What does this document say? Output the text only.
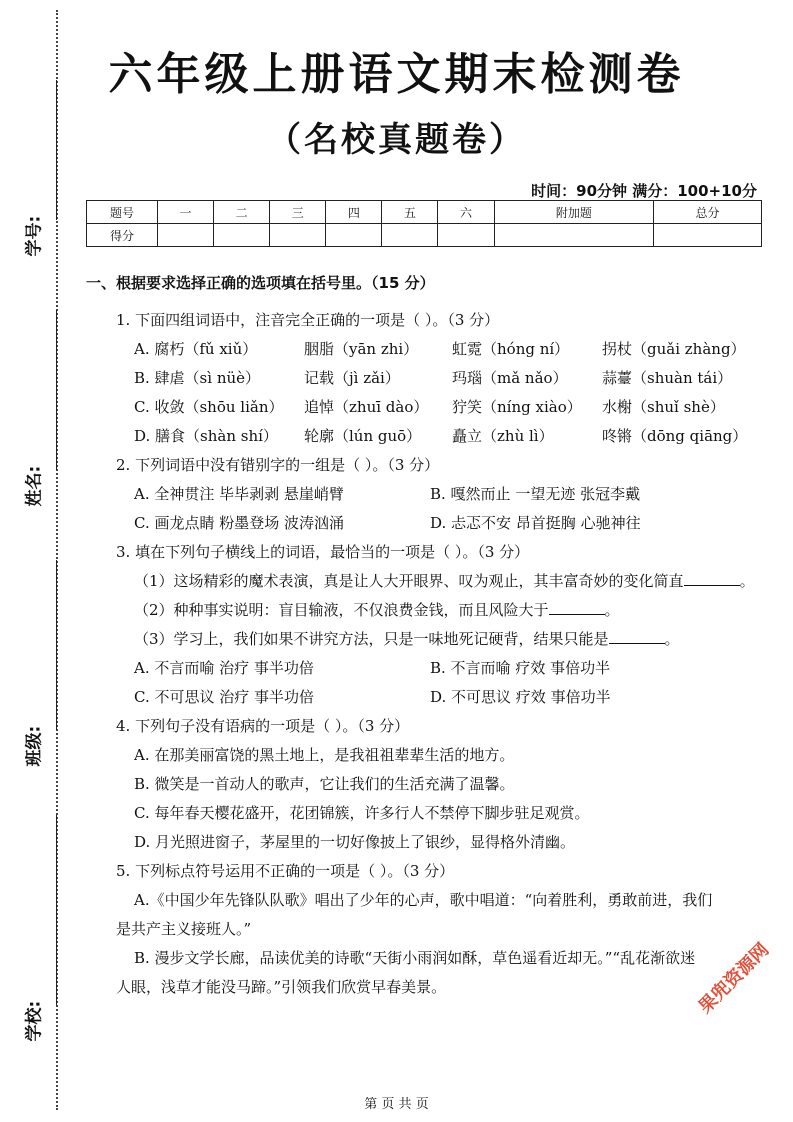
学号:
姓名:
班级:
学校:
六年级上册语文期末检测卷
（名校真题卷）
时间：90分钟 满分：100+10分
题号	一	二	三	四	五	六	附加题	总分
得分								
一、根据要求选择正确的选项填在括号里。（15 分）
1. 下面四组词语中，注音完全正确的一项是（ ）。（3 分）
A. 腐朽（fǔ xiǔ）	胭脂（yān zhi） 虹霓（hóng ní） 拐杖（guǎi zhàng）
B. 肆虐（sì nüè）	记载（jì zǎi）	玛瑙（mǎ nǎo） 蒜薹（shuàn tái）
C. 收敛（shōu liǎn） 追悼（zhuī dào） 狞笑（níng xiào） 水榭（shuǐ shè）
D. 膳食（shàn shí） 轮廓（lún guō） 矗立（zhù lì）	咚锵（dōng qiāng）
2. 下列词语中没有错别字的一组是（ ）。（3 分）
A. 全神贯注 毕毕剥剥 悬崖峭臂	B. 嘎然而止 一望无迹 张冠李戴
C. 画龙点睛 粉墨登场 波涛汹涌	D. 忐忑不安 昂首挺胸 心驰神往
3. 填在下列句子横线上的词语，最恰当的一项是（ ）。（3 分）
（1）这场精彩的魔术表演，真是让人大开眼界、叹为观止，其丰富奇妙的变化简直	。
（2）种种事实说明：盲目输液，不仅浪费金钱，而且风险大于	。
（3）学习上，我们如果不讲究方法，只是一味地死记硬背，结果只能是	。
A. 不言而喻 治疗 事半功倍	B. 不言而喻 疗效 事倍功半
C. 不可思议 治疗 事半功倍	D. 不可思议 疗效 事倍功半
4. 下列句子没有语病的一项是（ ）。（3 分）
A. 在那美丽富饶的黑土地上，是我祖祖辈辈生活的地方。
B. 微笑是一首动人的歌声，它让我们的生活充满了温馨。
C. 每年春天樱花盛开，花团锦簇，许多行人不禁停下脚步驻足观赏。
D. 月光照进窗子，茅屋里的一切好像披上了银纱，显得格外清幽。
5. 下列标点符号运用不正确的一项是（ ）。（3 分）
A.《中国少年先锋队队歌》唱出了少年的心声，歌中唱道：“向着胜利，勇敢前进，我们
是共产主义接班人。”
B. 漫步文学长廊，品读优美的诗歌“天街小雨润如酥，草色遥看近却无。”“乱花渐欲迷
人眼，浅草才能没马蹄。”引领我们欣赏早春美景。	果兜资源网
第 页 共 页
